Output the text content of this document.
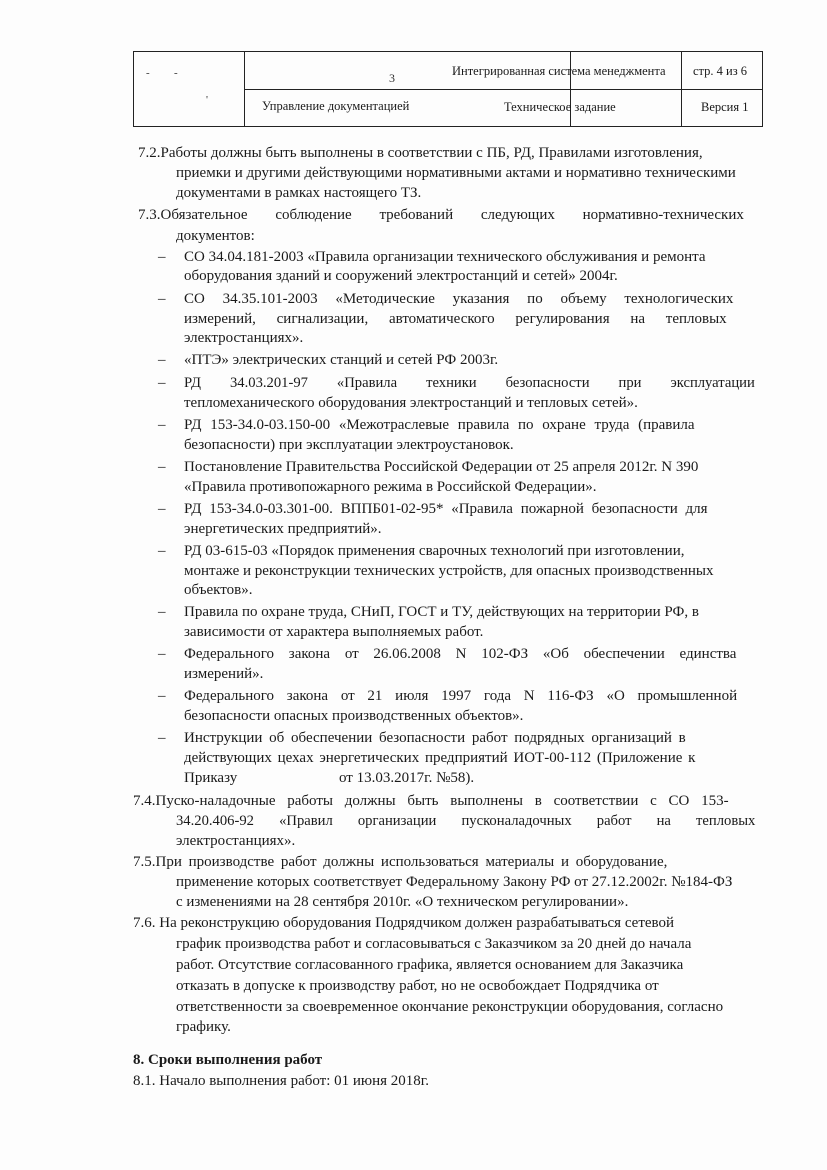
- -
'
3	Интегрированная система менеджмента стр. 4 из 6
Управление документацией	Техническое задание	Версия 1
7.2.Работы должны быть выполнены в соответствии с ПБ, РД, Правилами изготовления,
приемки и другими действующими нормативными актами и нормативно техническими
документами в рамках настоящего ТЗ.
7.3.Обязательное соблюдение требований следующих нормативно-технических
документов:
– СО 34.04.181-2003 «Правила организации технического обслуживания и ремонта
оборудования зданий и сооружений электростанций и сетей» 2004г.
– СО 34.35.101-2003 «Методические указания по объему технологических
измерений, сигнализации, автоматического регулирования на тепловых
электростанциях».
– «ПТЭ» электрических станций и сетей РФ 2003г.
– РД 34.03.201-97 «Правила техники безопасности при эксплуатации
тепломеханического оборудования электростанций и тепловых сетей».
– РД 153-34.0-03.150-00 «Межотраслевые правила по охране труда (правила
безопасности) при эксплуатации электроустановок.
– Постановление Правительства Российской Федерации от 25 апреля 2012г. N 390
«Правила противопожарного режима в Российской Федерации».
– РД 153-34.0-03.301-00. ВППБ01-02-95* «Правила пожарной безопасности для
энергетических предприятий».
– РД 03-615-03 «Порядок применения сварочных технологий при изготовлении,
монтаже и реконструкции технических устройств, для опасных производственных
объектов».
– Правила по охране труда, СНиП, ГОСТ и ТУ, действующих на территории РФ, в
зависимости от характера выполняемых работ.
– Федерального закона от 26.06.2008 N 102-ФЗ «Об обеспечении единства
измерений».
– Федерального закона от 21 июля 1997 года N 116-ФЗ «О промышленной
безопасности опасных производственных объектов».
– Инструкции об обеспечении безопасности работ подрядных организаций в
действующих цехах энергетических предприятий ИОТ-00-112 (Приложение к
Приказу	от 13.03.2017г. №58).
7.4.Пуско-наладочные работы должны быть выполнены в соответствии с СО 153-
34.20.406-92 «Правил организации пусконаладочных работ на тепловых
электростанциях».
7.5.При производстве работ должны использоваться материалы и оборудование,
применение которых соответствует Федеральному Закону РФ от 27.12.2002г. №184-ФЗ
с изменениями на 28 сентября 2010г. «О техническом регулировании».
7.6. На реконструкцию оборудования Подрядчиком должен разрабатываться сетевой
график производства работ и согласовываться с Заказчиком за 20 дней до начала
работ. Отсутствие согласованного графика, является основанием для Заказчика
отказать в допуске к производству работ, но не освобождает Подрядчика от
ответственности за своевременное окончание реконструкции оборудования, согласно
графику.
8. Сроки выполнения работ
8.1. Начало выполнения работ: 01 июня 2018г.
